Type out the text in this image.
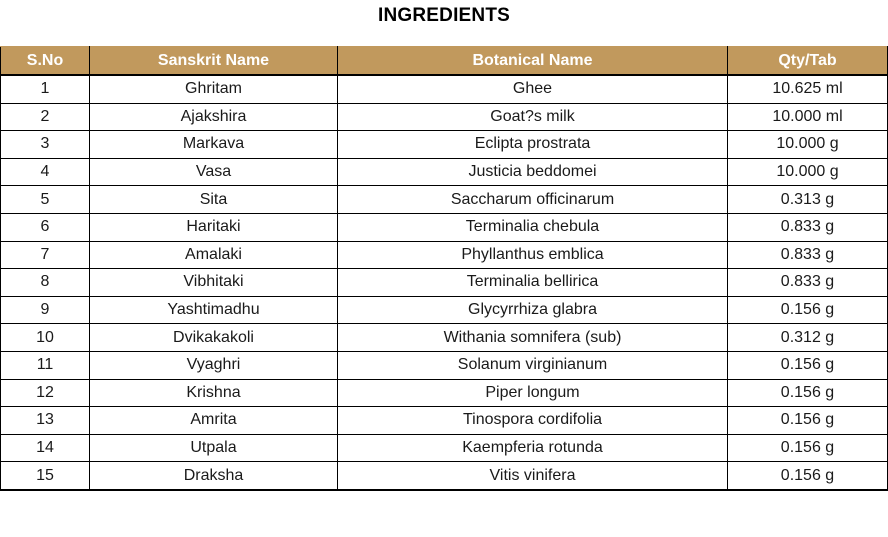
INGREDIENTS
S.No	Sanskrit Name	Botanical Name	Qty/Tab
1	Ghritam	Ghee	10.625 ml
2	Ajakshira	Goat?s milk	10.000 ml
3	Markava	Eclipta prostrata	10.000 g
4	Vasa	Justicia beddomei	10.000 g
5	Sita	Saccharum officinarum	0.313 g
6	Haritaki	Terminalia chebula	0.833 g
7	Amalaki	Phyllanthus emblica	0.833 g
8	Vibhitaki	Terminalia bellirica	0.833 g
9	Yashtimadhu	Glycyrrhiza glabra	0.156 g
10	Dvikakakoli	Withania somnifera (sub)	0.312 g
11	Vyaghri	Solanum virginianum	0.156 g
12	Krishna	Piper longum	0.156 g
13	Amrita	Tinospora cordifolia	0.156 g
14	Utpala	Kaempferia rotunda	0.156 g
15	Draksha	Vitis vinifera	0.156 g
